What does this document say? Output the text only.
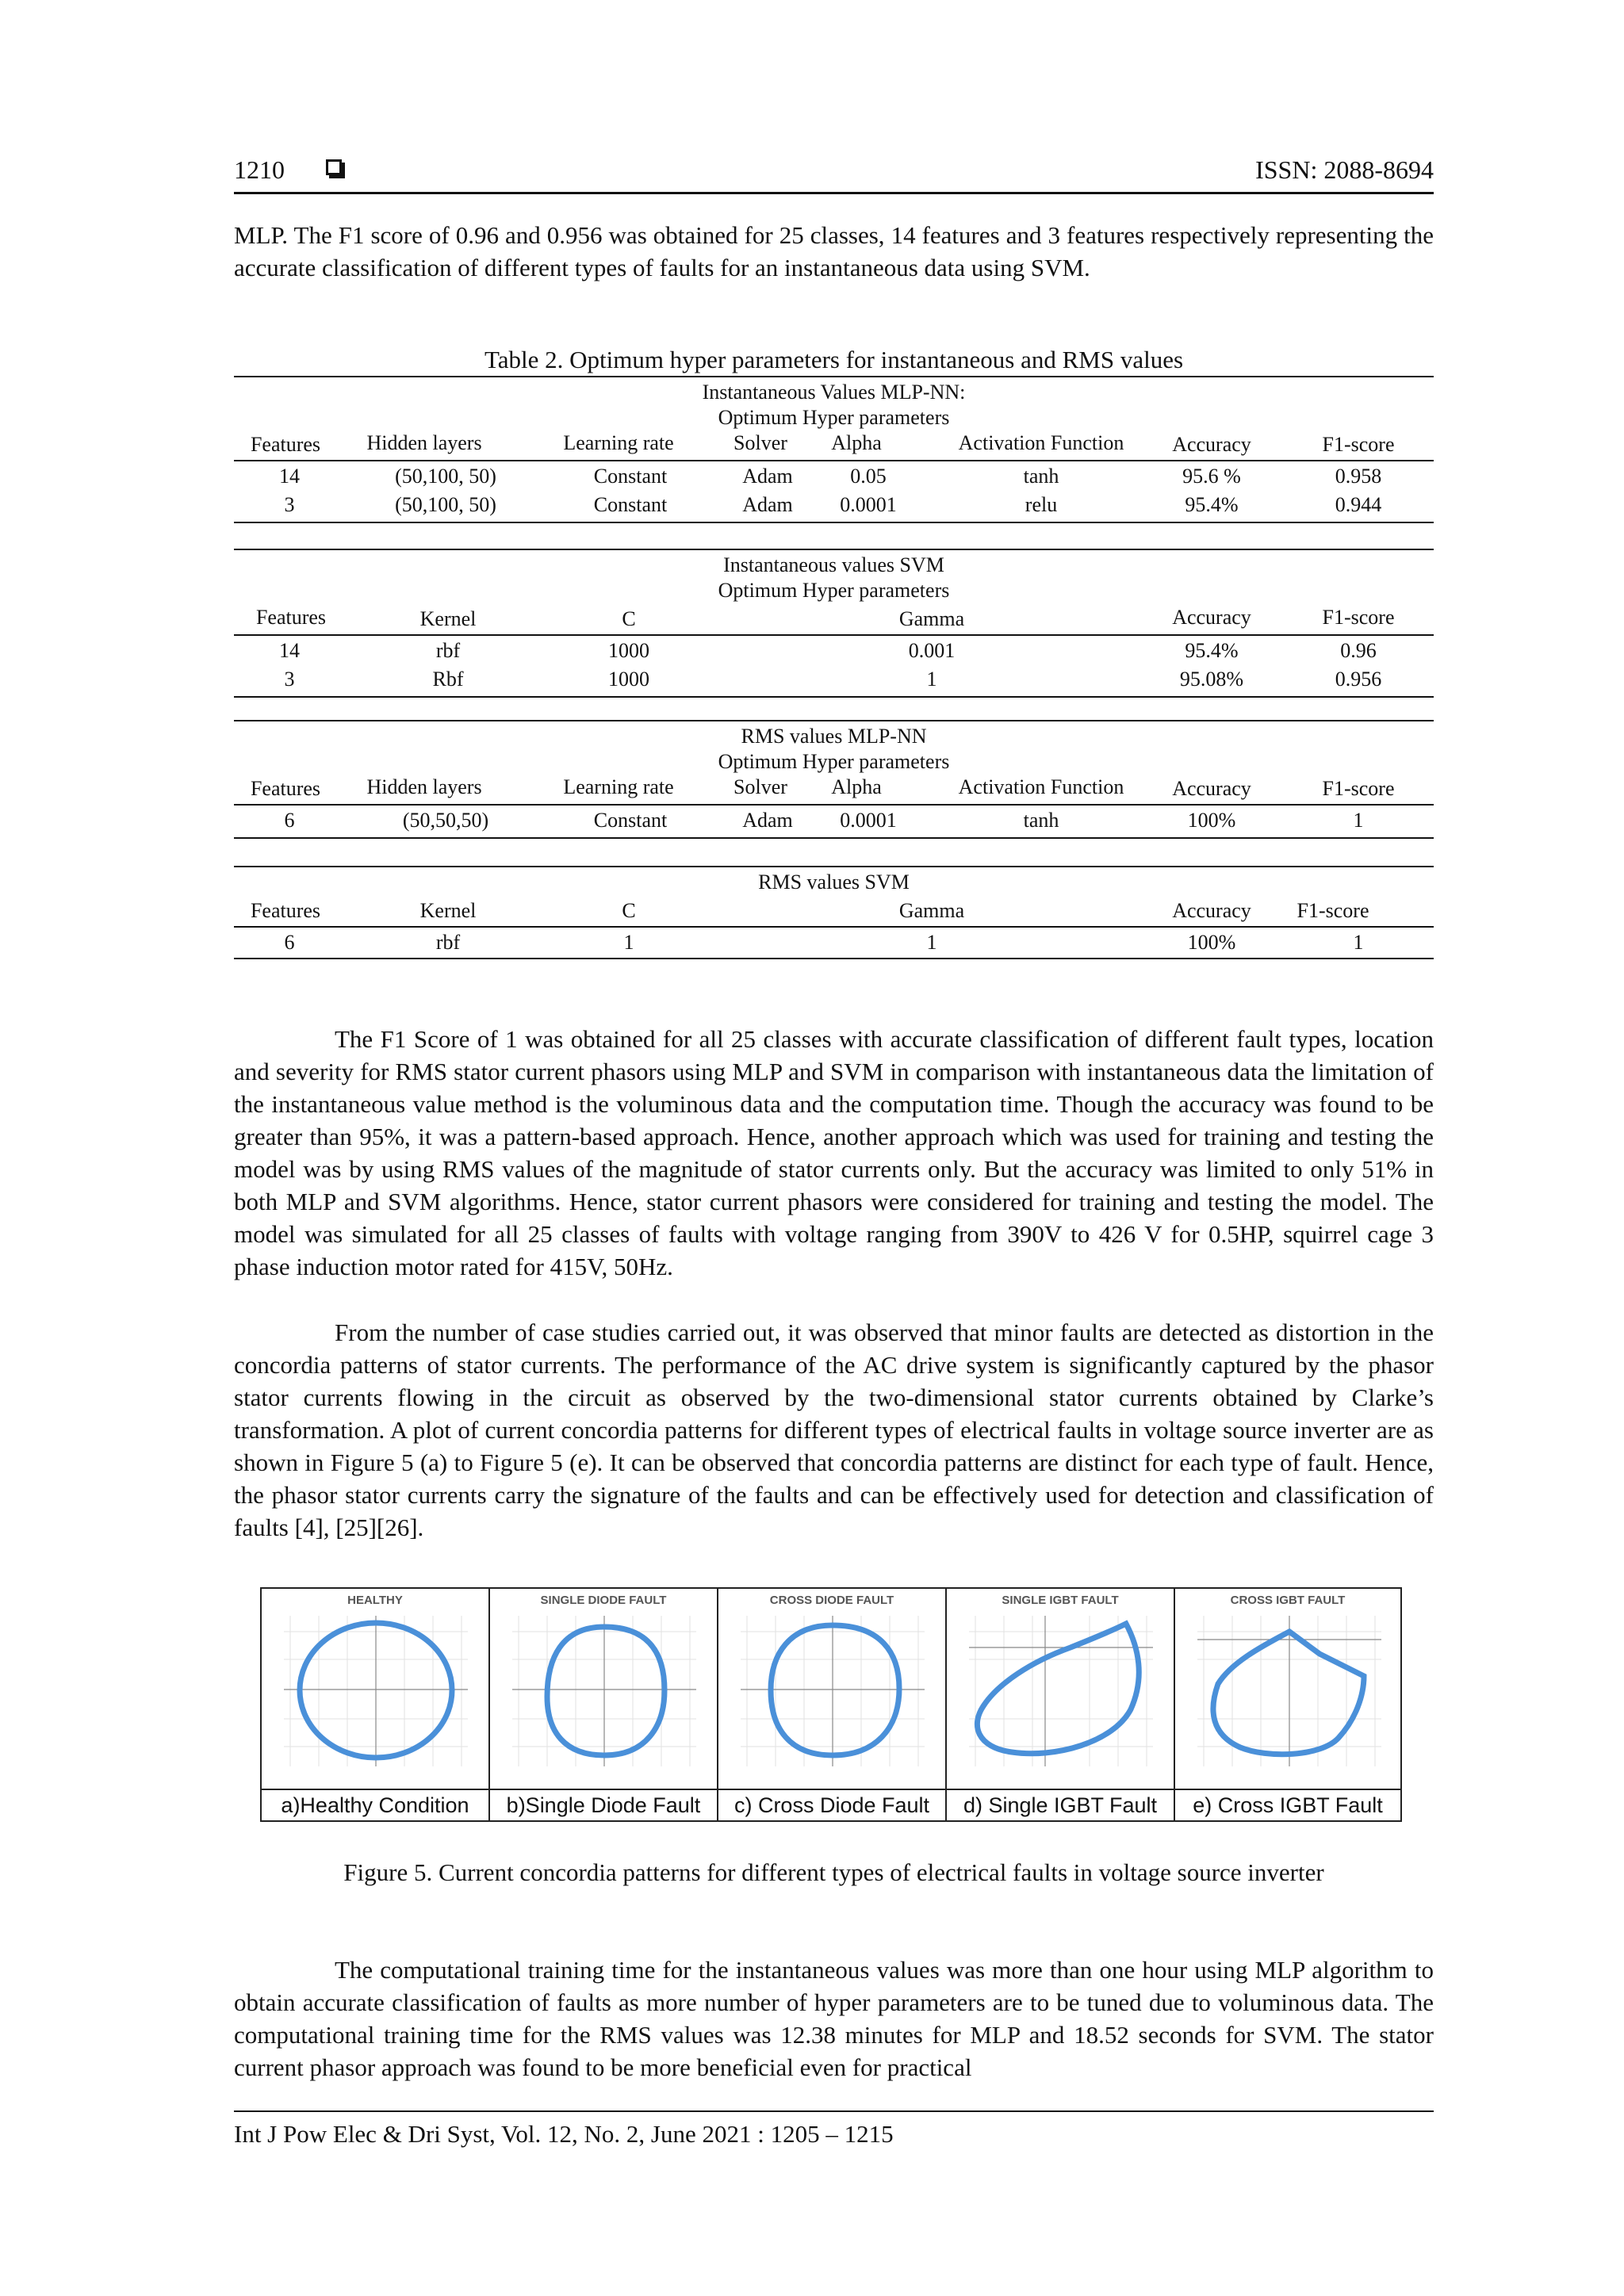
1210	ISSN: 2088-8694

MLP. The F1 score of 0.96 and 0.956 was obtained for 25 classes, 14 features and 3 features respectively representing the accurate classification of different types of faults for an instantaneous data using SVM.

Table 2. Optimum hyper parameters for instantaneous and RMS values
Instantaneous Values MLP-NN:
Optimum Hyper parameters
Features Hidden layers	Learning rate	Solver Alpha	Activation Function Accuracy	F1-score
14	(50,100, 50)	Constant	Adam	0.05	tanh	95.6 %	0.958
3	(50,100, 50)	Constant	Adam 0.0001	relu	95.4%	0.944
Instantaneous values SVM
Optimum Hyper parameters
Features	Kernel	C	Gamma	Accuracy	F1-score
14	rbf	1000	0.001	95.4%	0.96
3	Rbf	1000	1	95.08%	0.956
RMS values MLP-NN
Optimum Hyper parameters
Features Hidden layers	Learning rate	Solver Alpha	Activation Function Accuracy	F1-score
6	(50,50,50)	Constant	Adam 0.0001	tanh	100%	1
RMS values SVM
Features	Kernel	C	Gamma	Accuracy F1-score
6	rbf	1	1	100%	1

The F1 Score of 1 was obtained for all 25 classes with accurate classification of different fault types, location and severity for RMS stator current phasors using MLP and SVM in comparison with instantaneous data the limitation of the instantaneous value method is the voluminous data and the computation time. Though the accuracy was found to be greater than 95%, it was a pattern-based approach. Hence, another approach which was used for training and testing the model was by using RMS values of the magnitude of stator currents only. But the accuracy was limited to only 51% in both MLP and SVM algorithms. Hence, stator current phasors were considered for training and testing the model. The model was simulated for all 25 classes of faults with voltage ranging from 390V to 426 V for 0.5HP, squirrel cage 3 phase induction motor rated for 415V, 50Hz.

From the number of case studies carried out, it was observed that minor faults are detected as distortion in the concordia patterns of stator currents. The performance of the AC drive system is significantly captured by the phasor stator currents flowing in the circuit as observed by the two-dimensional stator currents obtained by Clarke’s transformation. A plot of current concordia patterns for different types of electrical faults in voltage source inverter are as shown in Figure 5 (a) to Figure 5 (e). It can be observed that concordia patterns are distinct for each type of fault. Hence, the phasor stator currents carry the signature of the faults and can be effectively used for detection and classification of faults [4], [25][26].

HEALTHY
a)Healthy Condition
SINGLE DIODE FAULT
b)Single Diode Fault
CROSS DIODE FAULT
c) Cross Diode Fault
SINGLE IGBT FAULT
d) Single IGBT Fault
CROSS IGBT FAULT
e) Cross IGBT Fault
Figure 5. Current concordia patterns for different types of electrical faults in voltage source inverter

The computational training time for the instantaneous values was more than one hour using MLP algorithm to obtain accurate classification of faults as more number of hyper parameters are to be tuned due to voluminous data. The computational training time for the RMS values was 12.38 minutes for MLP and 18.52 seconds for SVM. The stator current phasor approach was found to be more beneficial even for practical

Int J Pow Elec & Dri Syst, Vol. 12, No. 2, June 2021 : 1205 – 1215
